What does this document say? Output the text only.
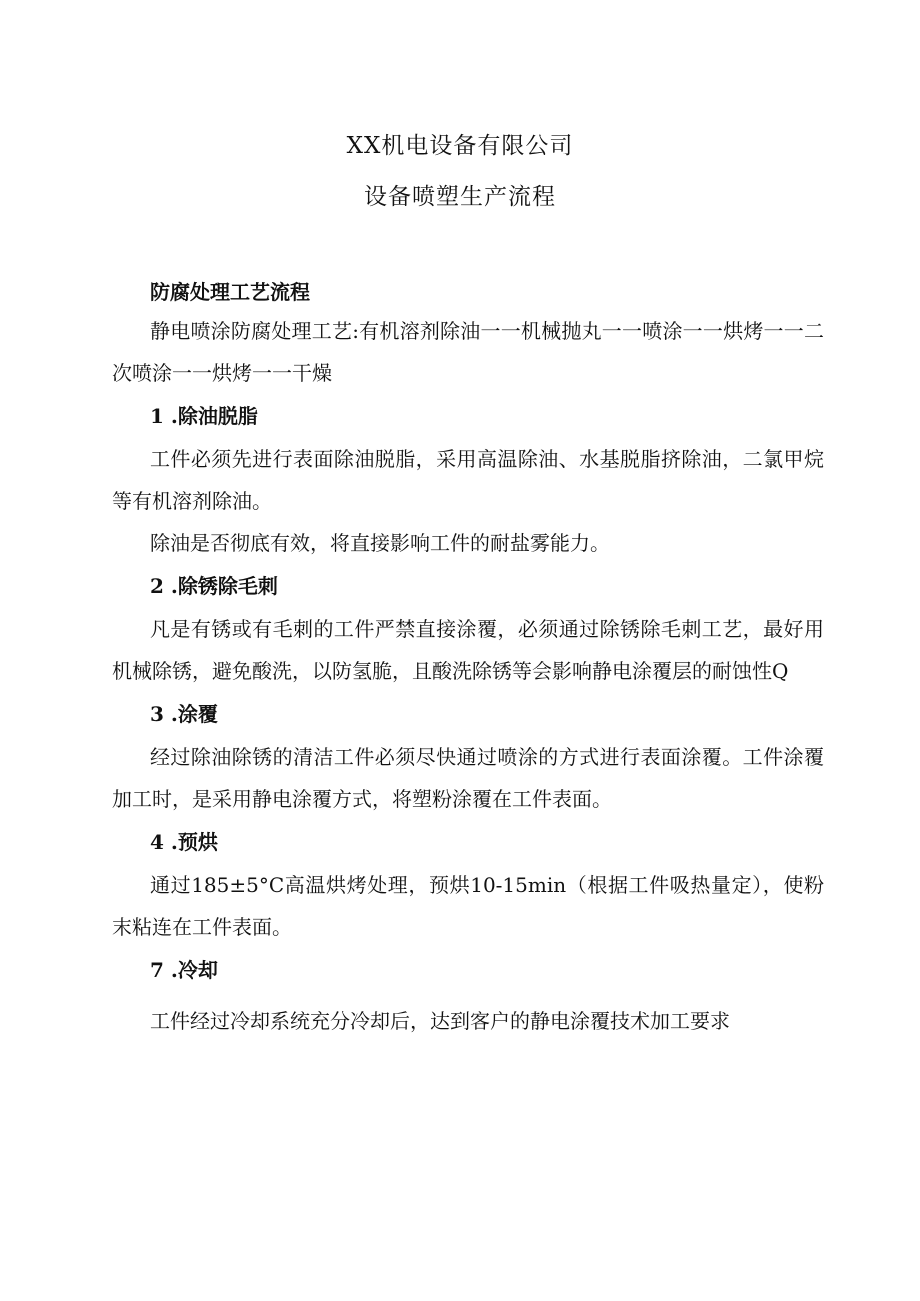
XX机电设备有限公司
设备喷塑生产流程

防腐处理工艺流程

静电喷涂防腐处理工艺:有机溶剂除油一一机械抛丸一一喷涂一一烘烤一一二次喷涂一一烘烤一一干燥

1 .除油脱脂

工件必须先进行表面除油脱脂，采用高温除油、水基脱脂挤除油，二氯甲烷等有机溶剂除油。

除油是否彻底有效，将直接影响工件的耐盐雾能力。

2 .除锈除毛刺

凡是有锈或有毛刺的工件严禁直接涂覆，必须通过除锈除毛刺工艺，最好用机械除锈，避免酸洗，以防氢脆，且酸洗除锈等会影响静电涂覆层的耐蚀性Q

3 .涂覆

经过除油除锈的清洁工件必须尽快通过喷涂的方式进行表面涂覆。工件涂覆加工时，是采用静电涂覆方式，将塑粉涂覆在工件表面。

4 .预烘

通过185±5°C高温烘烤处理，预烘10-15min（根据工件吸热量定），使粉末粘连在工件表面。

7 .冷却

工件经过冷却系统充分冷却后，达到客户的静电涂覆技术加工要求
